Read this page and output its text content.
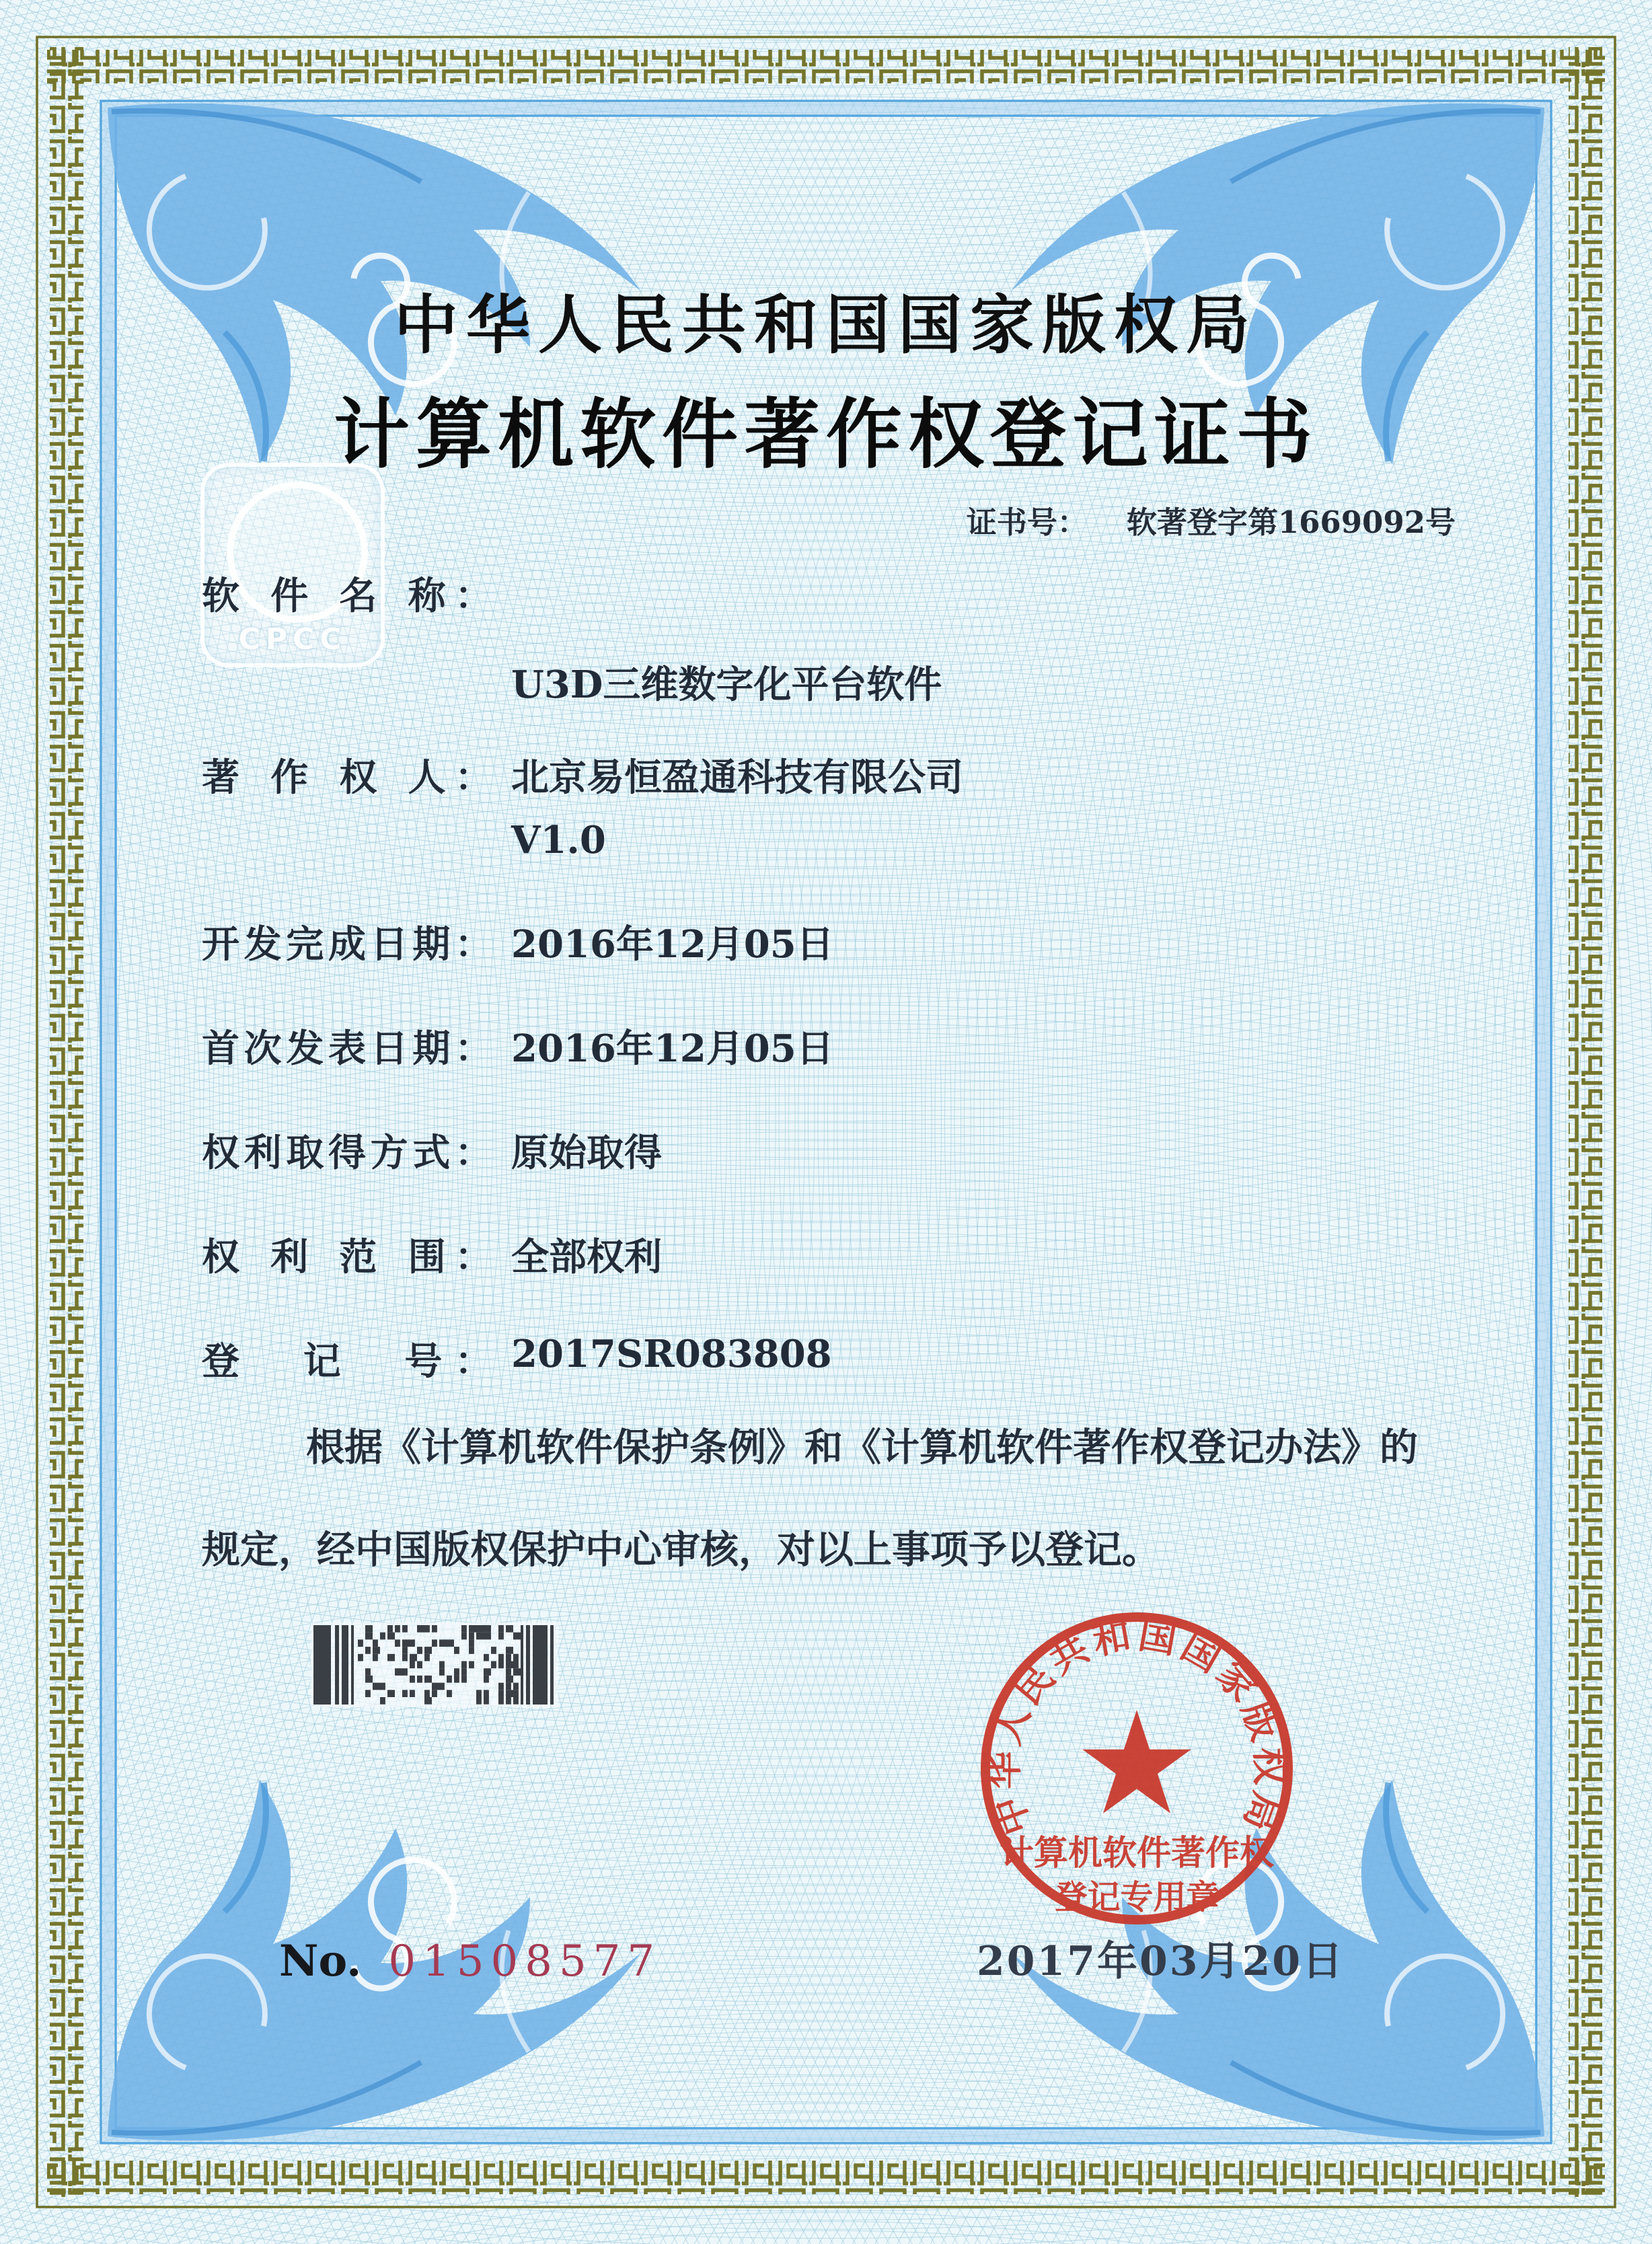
CPCC
中华人民共和国国家版权局
计算机软件著作权登记证书
证书号： 软著登字第1669092号
软 件 名 称：

U3D三维数字化平台软件

V1.0

著 作 权 人： 北京易恒盈通科技有限公司
开发完成日期： 2016年12月05日
首次发表日期： 2016年12月05日
权利取得方式： 原始取得
权 利 范 围： 全部权利
登  记  号： 2017SR083808
根据《计算机软件保护条例》和《计算机软件著作权登记办法》的
规定，经中国版权保护中心审核，对以上事项予以登记。
No. 01508577	2017年03月20日
中华人民共和国国家版权局
计算机软件著作权
登记专用章
